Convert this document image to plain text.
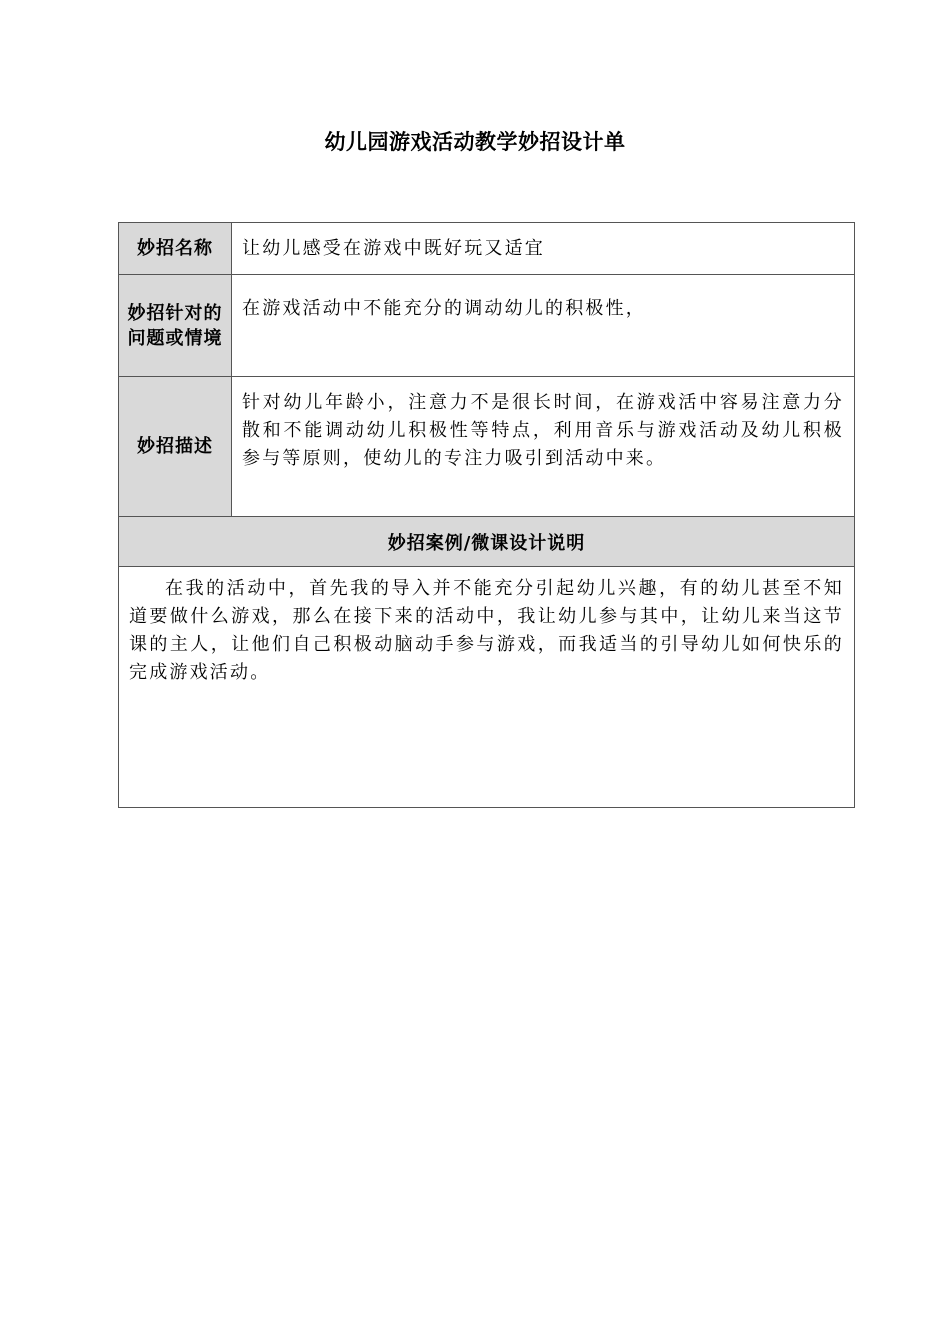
幼儿园游戏活动教学妙招设计单
妙招名称	让幼儿感受在游戏中既好玩又适宜
妙招针对的问题或情境	在游戏活动中不能充分的调动幼儿的积极性，
妙招描述	针对幼儿年龄小，注意力不是很长时间，在游戏活中容易注意力分散和不能调动幼儿积极性等特点，利用音乐与游戏活动及幼儿积极参与等原则，使幼儿的专注力吸引到活动中来。
妙招案例/微课设计说明	
在我的活动中，首先我的导入并不能充分引起幼儿兴趣，有的幼儿甚至不知道要做什么游戏，那么在接下来的活动中，我让幼儿参与其中，让幼儿来当这节课的主人，让他们自己积极动脑动手参与游戏，而我适当的引导幼儿如何快乐的完成游戏活动。	
